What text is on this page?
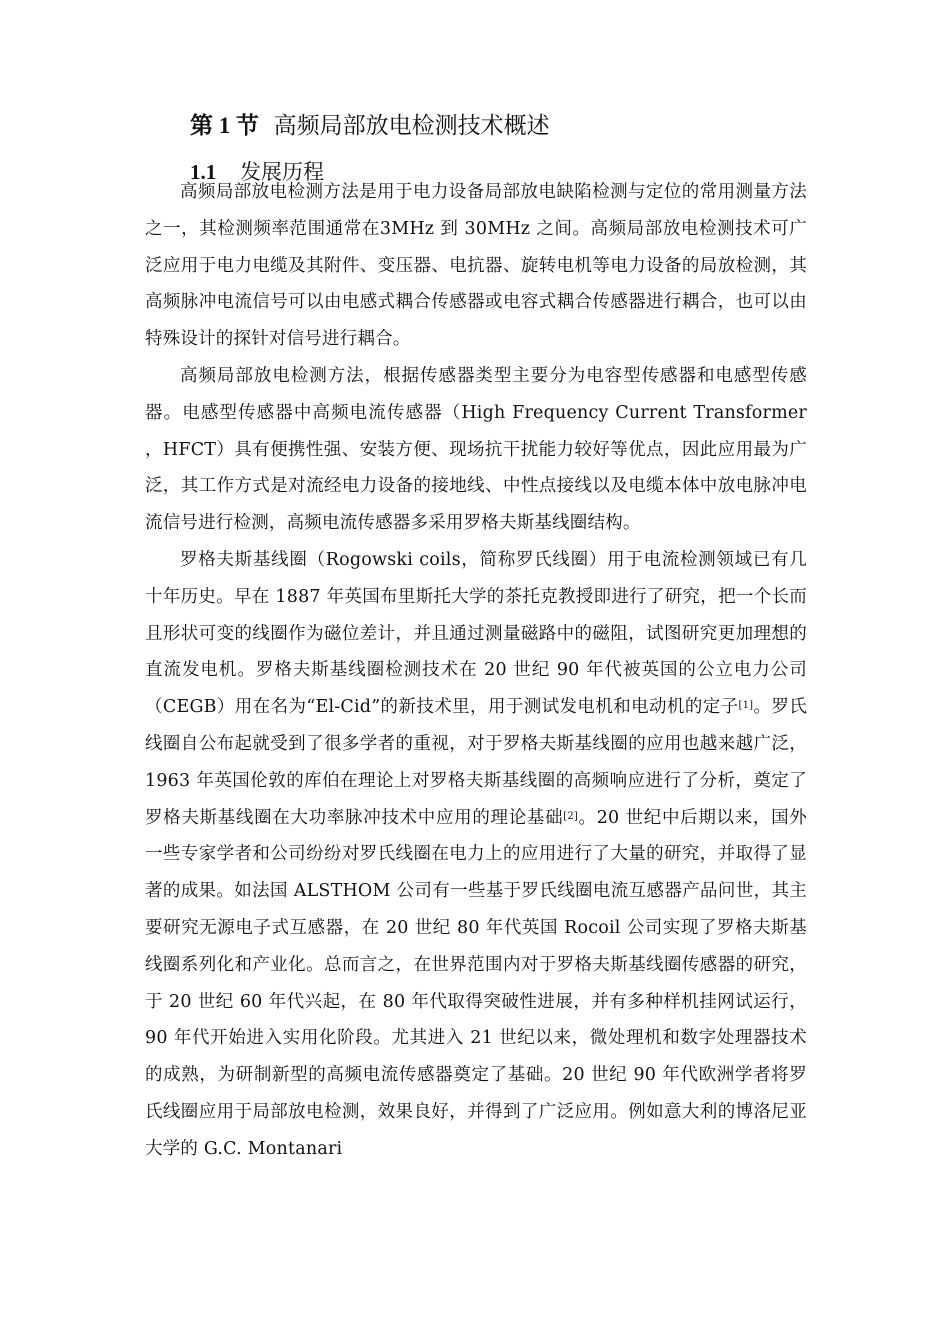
第 1 节 高频局部放电检测技术概述
1.1 发展历程

高频局部放电检测方法是用于电力设备局部放电缺陷检测与定位的常用测量方法之一，其检测频率范围通常在3MHz 到 30MHz 之间。高频局部放电检测技术可广泛应用于电力电缆及其附件、变压器、电抗器、旋转电机等电力设备的局放检测，其高频脉冲电流信号可以由电感式耦合传感器或电容式耦合传感器进行耦合，也可以由特殊设计的探针对信号进行耦合。

高频局部放电检测方法，根据传感器类型主要分为电容型传感器和电感型传感器。电感型传感器中高频电流传感器（High Frequency Current Transformer ，HFCT）具有便携性强、安装方便、现场抗干扰能力较好等优点，因此应用最为广泛，其工作方式是对流经电力设备的接地线、中性点接线以及电缆本体中放电脉冲电流信号进行检测，高频电流传感器多采用罗格夫斯基线圈结构。

罗格夫斯基线圈（Rogowski coils，简称罗氏线圈）用于电流检测领域已有几十年历史。早在 1887 年英国布里斯托大学的茶托克教授即进行了研究，把一个长而且形状可变的线圈作为磁位差计，并且通过测量磁路中的磁阻，试图研究更加理想的直流发电机。罗格夫斯基线圈检测技术在 20 世纪 90 年代被英国的公立电力公司（CEGB）用在名为“El-Cid”的新技术里，用于测试发电机和电动机的定子[1]。罗氏线圈自公布起就受到了很多学者的重视，对于罗格夫斯基线圈的应用也越来越广泛，1963 年英国伦敦的库伯在理论上对罗格夫斯基线圈的高频响应进行了分析，奠定了罗格夫斯基线圈在大功率脉冲技术中应用的理论基础[2]。20 世纪中后期以来，国外一些专家学者和公司纷纷对罗氏线圈在电力上的应用进行了大量的研究，并取得了显著的成果。如法国 ALSTHOM 公司有一些基于罗氏线圈电流互感器产品问世，其主要研究无源电子式互感器，在 20 世纪 80 年代英国 Rocoil 公司实现了罗格夫斯基线圈系列化和产业化。总而言之，在世界范围内对于罗格夫斯基线圈传感器的研究，于 20 世纪 60 年代兴起，在 80 年代取得突破性进展，并有多种样机挂网试运行，90 年代开始进入实用化阶段。尤其进入 21 世纪以来，微处理机和数字处理器技术的成熟，为研制新型的高频电流传感器奠定了基础。20 世纪 90 年代欧洲学者将罗氏线圈应用于局部放电检测，效果良好，并得到了广泛应用。例如意大利的博洛尼亚大学的 G.C. Montanari
